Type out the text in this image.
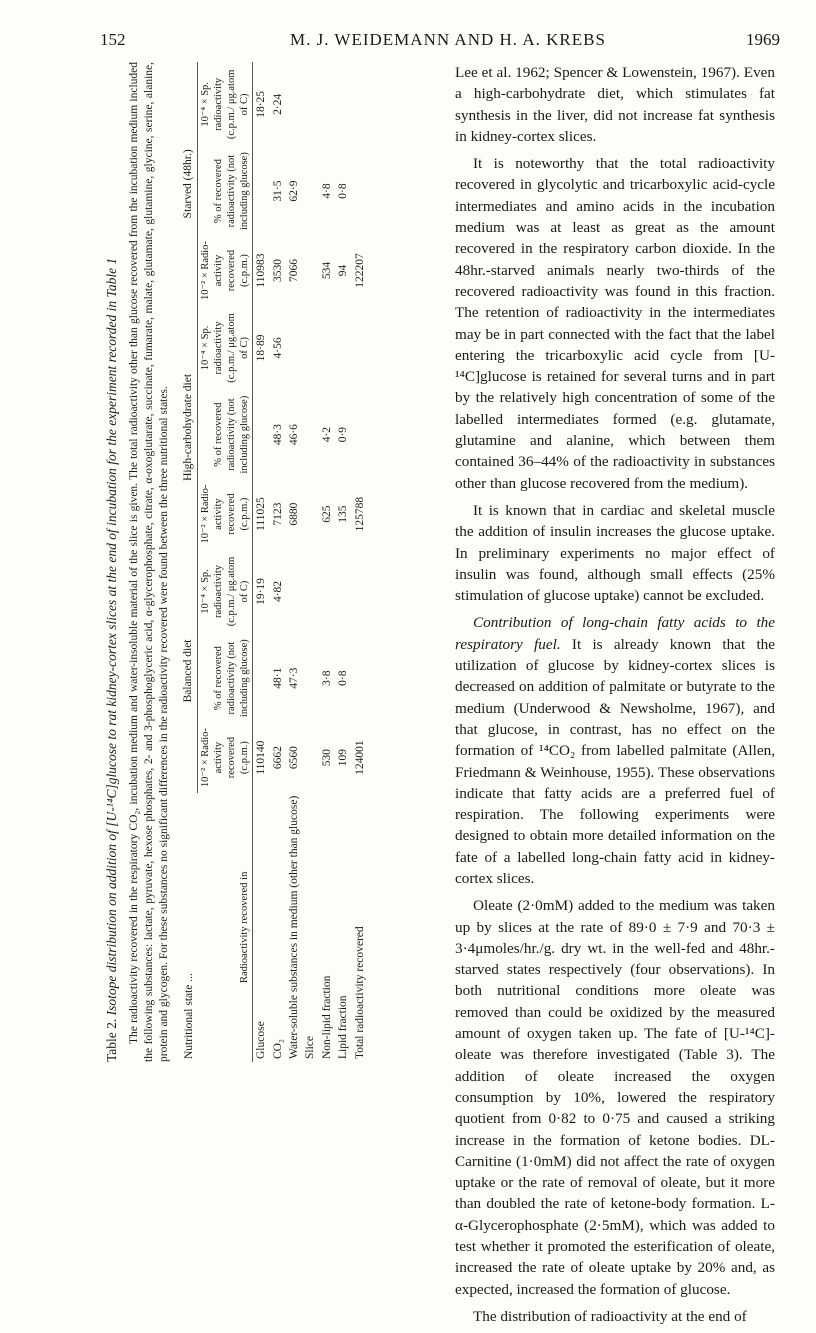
152	M. J. WEIDEMANN AND H. A. KREBS	1969
Table 2. Isotope distribution on addition of [U-¹⁴C]glucose to rat kidney-cortex slices at the end of incubation for the experiment recorded in Table 1 The radioactivity recovered in the respiratory CO₂, incubation medium and water-insoluble material of the slice is given. The total radioactivity other than glucose recovered from the incubation medium included the following substances: lactate, pyruvate, hexose phosphates, 2- and 3-phosphoglyceric acid, α-glycerophosphate, citrate, α-oxoglutarate, succinate, fumarate, malate, glutamate, glutamine, glycine, serine, alanine, protein and glycogen. For these substances no significant differences in the radioactivity recovered were found between the three nutritional states. Nutritional state ...	Balanced diet			High-carbohydrate diet			Starved (48hr.)		
Radioactivity recovered in	10⁻² × Radio-activity recovered (c.p.m.)	% of recovered radioactivity (not including glucose)	10⁻⁴ × Sp. radioactivity (c.p.m./ μg.atom of C)	10⁻² × Radio-activity recovered (c.p.m.)	% of recovered radioactivity (not including glucose)	10⁻⁴ × Sp. radioactivity (c.p.m./ μg.atom of C)	10⁻² × Radio-activity recovered (c.p.m.)	% of recovered radioactivity (not including glucose)	10⁻⁴ × Sp. radioactivity (c.p.m./ μg.atom of C)
Glucose	110140		19·19	111025		18·89	110983		18·25
CO₂	6662	48·1	4·82	7123	48·3	4·56	3530	31·5	2·24
Water-soluble substances in medium (other than glucose)	6560	47·3		6880	46·6		7066	62·9	
Slice									
Non-lipid fraction	530	3·8		625	4·2		534	4·8	
Lipid fraction	109	0·8		135	0·9		94	0·8	
Total radioactivity recovered	124001			125788			122207		

Lee et al. 1962; Spencer & Lowenstein, 1967). Even a high-carbohydrate diet, which stimulates fat synthesis in the liver, did not increase fat synthesis in kidney-cortex slices.

It is noteworthy that the total radioactivity recovered in glycolytic and tricarboxylic acid-cycle intermediates and amino acids in the incubation medium was at least as great as the amount recovered in the respiratory carbon dioxide. In the 48hr.-starved animals nearly two-thirds of the recovered radioactivity was found in this fraction. The retention of radioactivity in the intermediates may be in part connected with the fact that the label entering the tricarboxylic acid cycle from [U-¹⁴C]glucose is retained for several turns and in part by the relatively high concentration of some of the labelled intermediates formed (e.g. glutamate, glutamine and alanine, which between them contained 36–44% of the radioactivity in substances other than glucose recovered from the medium).

It is known that in cardiac and skeletal muscle the addition of insulin increases the glucose uptake. In preliminary experiments no major effect of insulin was found, although small effects (25% stimulation of glucose uptake) cannot be excluded.

Contribution of long-chain fatty acids to the respiratory fuel. It is already known that the utilization of glucose by kidney-cortex slices is decreased on addition of palmitate or butyrate to the medium (Underwood & Newsholme, 1967), and that glucose, in contrast, has no effect on the formation of ¹⁴CO₂ from labelled palmitate (Allen, Friedmann & Weinhouse, 1955). These observations indicate that fatty acids are a preferred fuel of respiration. The following experiments were designed to obtain more detailed information on the fate of a labelled long-chain fatty acid in kidney-cortex slices.

Oleate (2·0mM) added to the medium was taken up by slices at the rate of 89·0 ± 7·9 and 70·3 ± 3·4μmoles/hr./g. dry wt. in the well-fed and 48hr.-starved states respectively (four observations). In both nutritional conditions more oleate was removed than could be oxidized by the measured amount of oxygen taken up. The fate of [U-¹⁴C]-oleate was therefore investigated (Table 3). The addition of oleate increased the oxygen consumption by 10%, lowered the respiratory quotient from 0·82 to 0·75 and caused a striking increase in the formation of ketone bodies. DL-Carnitine (1·0mM) did not affect the rate of oxygen uptake or the rate of removal of oleate, but it more than doubled the rate of ketone-body formation. L-α-Glycerophosphate (2·5mM), which was added to test whether it promoted the esterification of oleate, increased the rate of oleate uptake by 20% and, as expected, increased the formation of glucose.

The distribution of radioactivity at the end of
